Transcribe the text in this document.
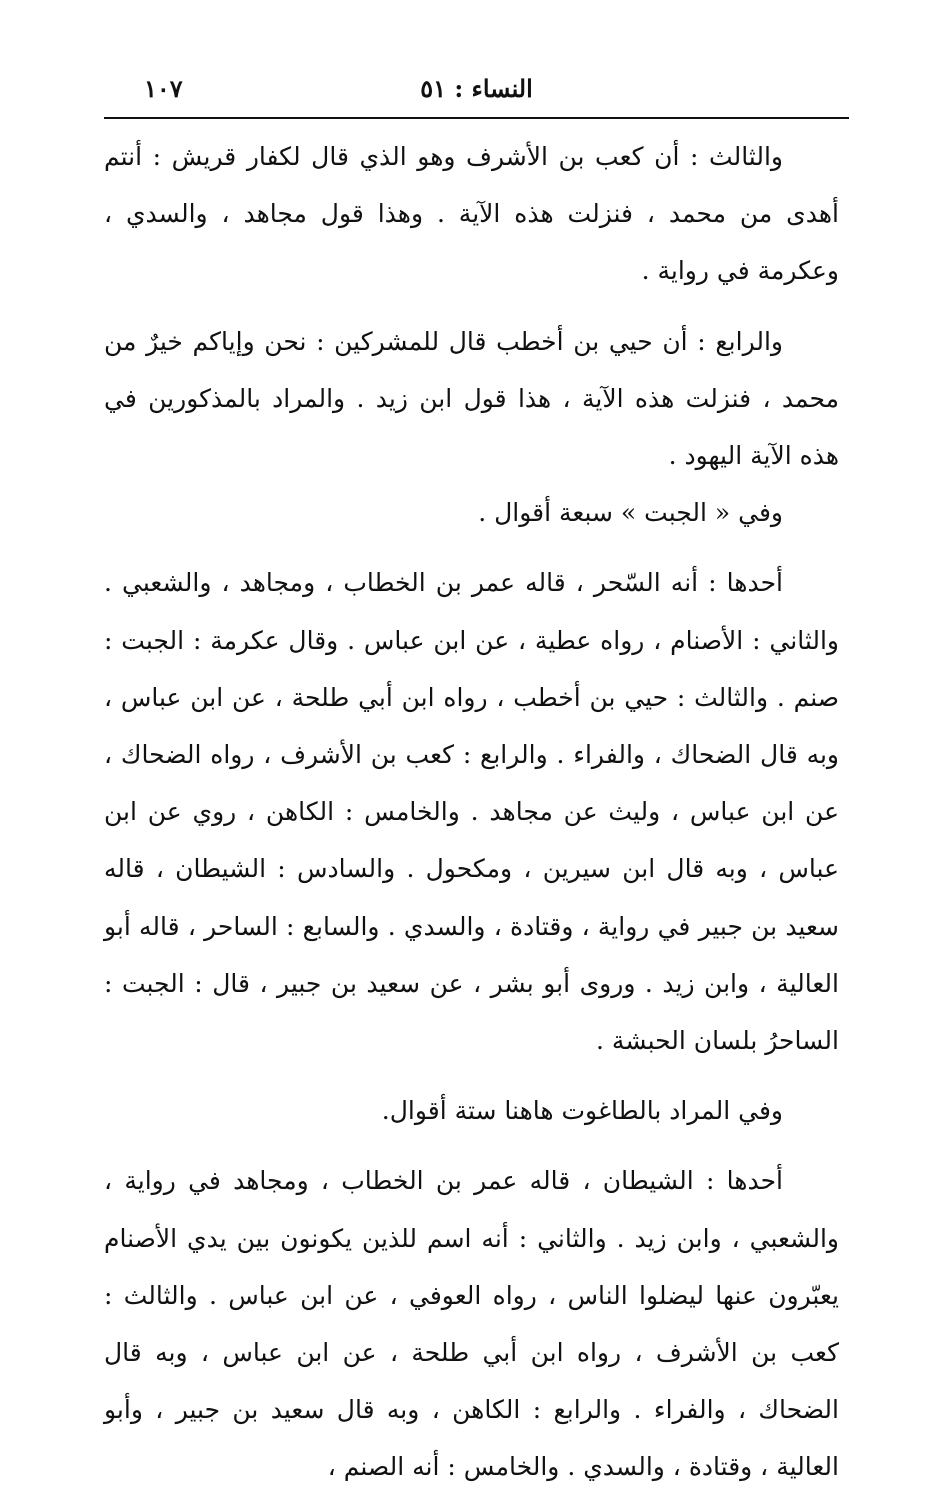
١٠٧	النساء : ٥١

والثالث : أن كعب بن الأشرف وهو الذي قال لكفار قريش : أنتم أهدى من محمد ، فنزلت هذه الآية . وهذا قول مجاهد ، والسدي ، وعكرمة في رواية .

والرابع : أن حيي بن أخطب قال للمشركين : نحن وإياكم خيرٌ من محمد ، فنزلت هذه الآية ، هذا قول ابن زيد . والمراد بالمذكورين في هذه الآية اليهود .

وفي « الجبت » سبعة أقوال .

أحدها : أنه السّحر ، قاله عمر بن الخطاب ، ومجاهد ، والشعبي . والثاني : الأصنام ، رواه عطية ، عن ابن عباس . وقال عكرمة : الجبت : صنم . والثالث : حيي بن أخطب ، رواه ابن أبي طلحة ، عن ابن عباس ، وبه قال الضحاك ، والفراء . والرابع : كعب بن الأشرف ، رواه الضحاك ، عن ابن عباس ، وليث عن مجاهد . والخامس : الكاهن ، روي عن ابن عباس ، وبه قال ابن سيرين ، ومكحول . والسادس : الشيطان ، قاله سعيد بن جبير في رواية ، وقتادة ، والسدي . والسابع : الساحر ، قاله أبو العالية ، وابن زيد . وروى أبو بشر ، عن سعيد بن جبير ، قال : الجبت : الساحرُ بلسان الحبشة .

وفي المراد بالطاغوت هاهنا ستة أقوال.

أحدها : الشيطان ، قاله عمر بن الخطاب ، ومجاهد في رواية ، والشعبي ، وابن زيد . والثاني : أنه اسم للذين يكونون بين يدي الأصنام يعبّرون عنها ليضلوا الناس ، رواه العوفي ، عن ابن عباس . والثالث : كعب بن الأشرف ، رواه ابن أبي طلحة ، عن ابن عباس ، وبه قال الضحاك ، والفراء . والرابع : الكاهن ، وبه قال سعيد بن جبير ، وأبو العالية ، وقتادة ، والسدي . والخامس : أنه الصنم ،
